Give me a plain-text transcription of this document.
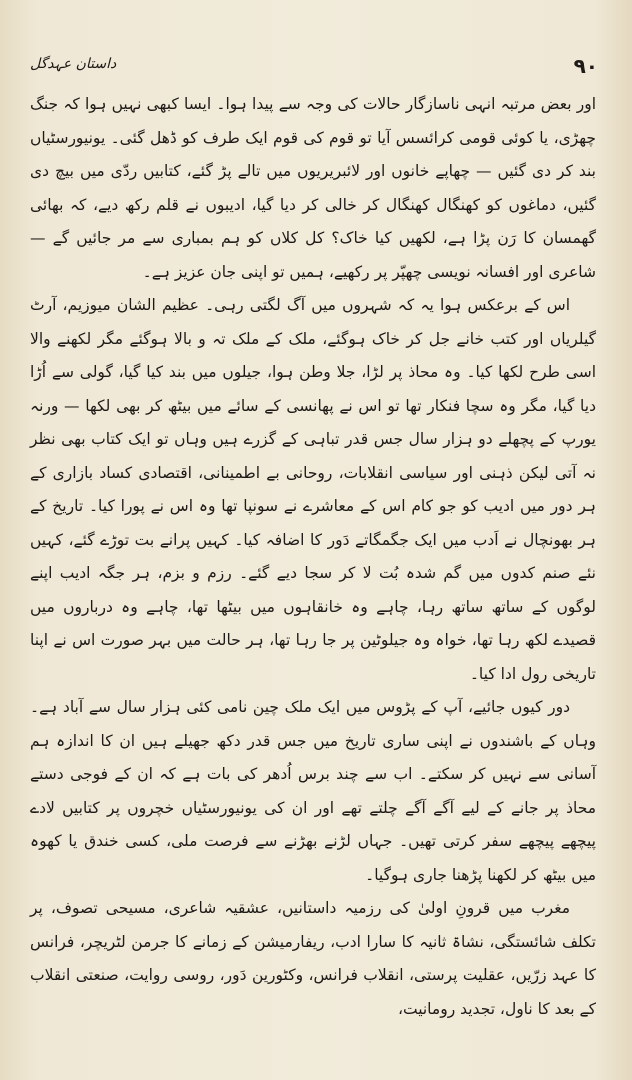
۹۰
داستان عہدگل

اور بعض مرتبہ انہی ناسازگار حالات کی وجہ سے پیدا ہوا۔ ایسا کبھی نہیں ہوا کہ جنگ چھڑی، یا کوئی قومی کرائسس آیا تو قوم کی قوم ایک طرف کو ڈھل گئی۔ یونیورسٹیاں بند کر دی گئیں — چھاپے خانوں اور لائبریریوں میں تالے پڑ گئے، کتابیں ردّی میں بیچ دی گئیں، دماغوں کو کھنگال کھنگال کر خالی کر دیا گیا، ادیبوں نے قلم رکھ دیے، کہ بھائی گھمسان کا رَن پڑا ہے، لکھیں کیا خاک؟ کل کلاں کو ہم بمباری سے مر جائیں گے — شاعری اور افسانہ نویسی چھپّر پر رکھیے، ہمیں تو اپنی جان عزیز ہے۔

اس کے برعکس ہوا یہ کہ شہروں میں آگ لگتی رہی۔ عظیم الشان میوزیم، آرٹ گیلریاں اور کتب خانے جل کر خاک ہوگئے، ملک کے ملک تہ و بالا ہوگئے مگر لکھنے والا اسی طرح لکھا کیا۔ وہ محاذ پر لڑا، جلا وطن ہوا، جیلوں میں بند کیا گیا، گولی سے اُڑا دیا گیا، مگر وہ سچا فنکار تھا تو اس نے پھانسی کے سائے میں بیٹھ کر بھی لکھا — ورنہ یورپ کے پچھلے دو ہزار سال جس قدر تباہی کے گزرے ہیں وہاں تو ایک کتاب بھی نظر نہ آتی لیکن ذہنی اور سیاسی انقلابات، روحانی بے اطمینانی، اقتصادی کساد بازاری کے ہر دور میں ادیب کو جو کام اس کے معاشرے نے سونپا تھا وہ اس نے پورا کیا۔ تاریخ کے ہر بھونچال نے اَدب میں ایک جگمگاتے دَور کا اضافہ کیا۔ کہیں پرانے بت توڑے گئے، کہیں نئے صنم کدوں میں گم شدہ بُت لا کر سجا دیے گئے۔ رزم و بزم، ہر جگہ ادیب اپنے لوگوں کے ساتھ ساتھ رہا، چاہے وہ خانقاہوں میں بیٹھا تھا، چاہے وہ درباروں میں قصیدے لکھ رہا تھا، خواہ وہ جیلوٹین پر جا رہا تھا، ہر حالت میں بہر صورت اس نے اپنا تاریخی رول ادا کیا۔

دور کیوں جائیے، آپ کے پڑوس میں ایک ملک چین نامی کئی ہزار سال سے آباد ہے۔ وہاں کے باشندوں نے اپنی ساری تاریخ میں جس قدر دکھ جھیلے ہیں ان کا اندازہ ہم آسانی سے نہیں کر سکتے۔ اب سے چند برس اُدھر کی بات ہے کہ ان کے فوجی دستے محاذ پر جانے کے لیے آگے آگے چلتے تھے اور ان کی یونیورسٹیاں خچروں پر کتابیں لادے پیچھے پیچھے سفر کرتی تھیں۔ جہاں لڑنے بھڑنے سے فرصت ملی، کسی خندق یا کھوہ میں بیٹھ کر لکھنا پڑھنا جاری ہوگیا۔

مغرب میں قرونِ اولیٰ کی رزمیہ داستانیں، عشقیہ شاعری، مسیحی تصوف، پر تکلف شائستگی، نشاۃ ثانیہ کا سارا ادب، ریفارمیشن کے زمانے کا جرمن لٹریچر، فرانس کا عہد زرّیں، عقلیت پرستی، انقلاب فرانس، وکٹورین دَور، روسی روایت، صنعتی انقلاب کے بعد کا ناول، تجدید رومانیت،
